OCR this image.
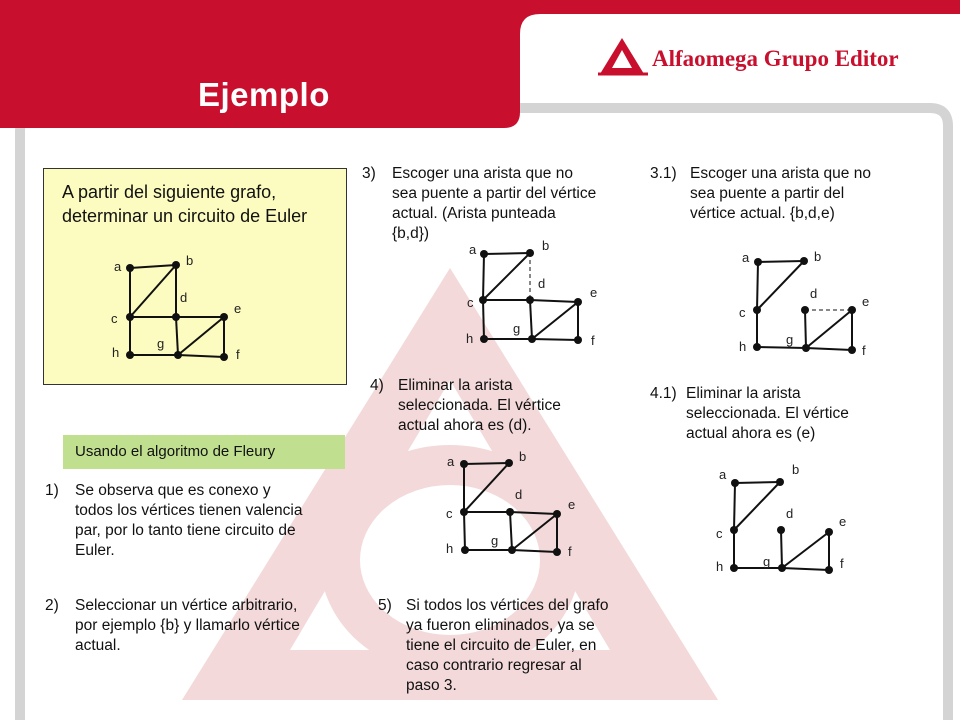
Ejemplo
Alfaomega Grupo Editor
A partir del siguiente grafo,
determinar un circuito de Euler
a	b
c
d
e
h
g
f
Usando el algoritmo de Fleury
1) Se observa que es conexo y
todos los vértices tienen valencia
par, por lo tanto tiene circuito de
Euler.
2) Seleccionar un vértice arbitrario,
por ejemplo {b} y llamarlo vértice
actual.
3) Escoger una arista que no
sea puente a partir del vértice
actual. (Arista punteada
{b,d})
3.1) Escoger una arista que no
sea puente a partir del
vértice actual. {b,d,e)
4) Eliminar la arista
seleccionada. El vértice
actual ahora es (d).
4.1) Eliminar la arista
seleccionada. El vértice
actual ahora es (e)
5) Si todos los vértices del grafo
ya fueron eliminados, ya se
tiene el circuito de Euler, en
caso contrario regresar al
paso 3.
a	b
c
d
e
h
g
f
a	b
c
d
e
h	g
f
a	b
c
d
e
h
g
f
a	b
c
d
e
h	g	f
